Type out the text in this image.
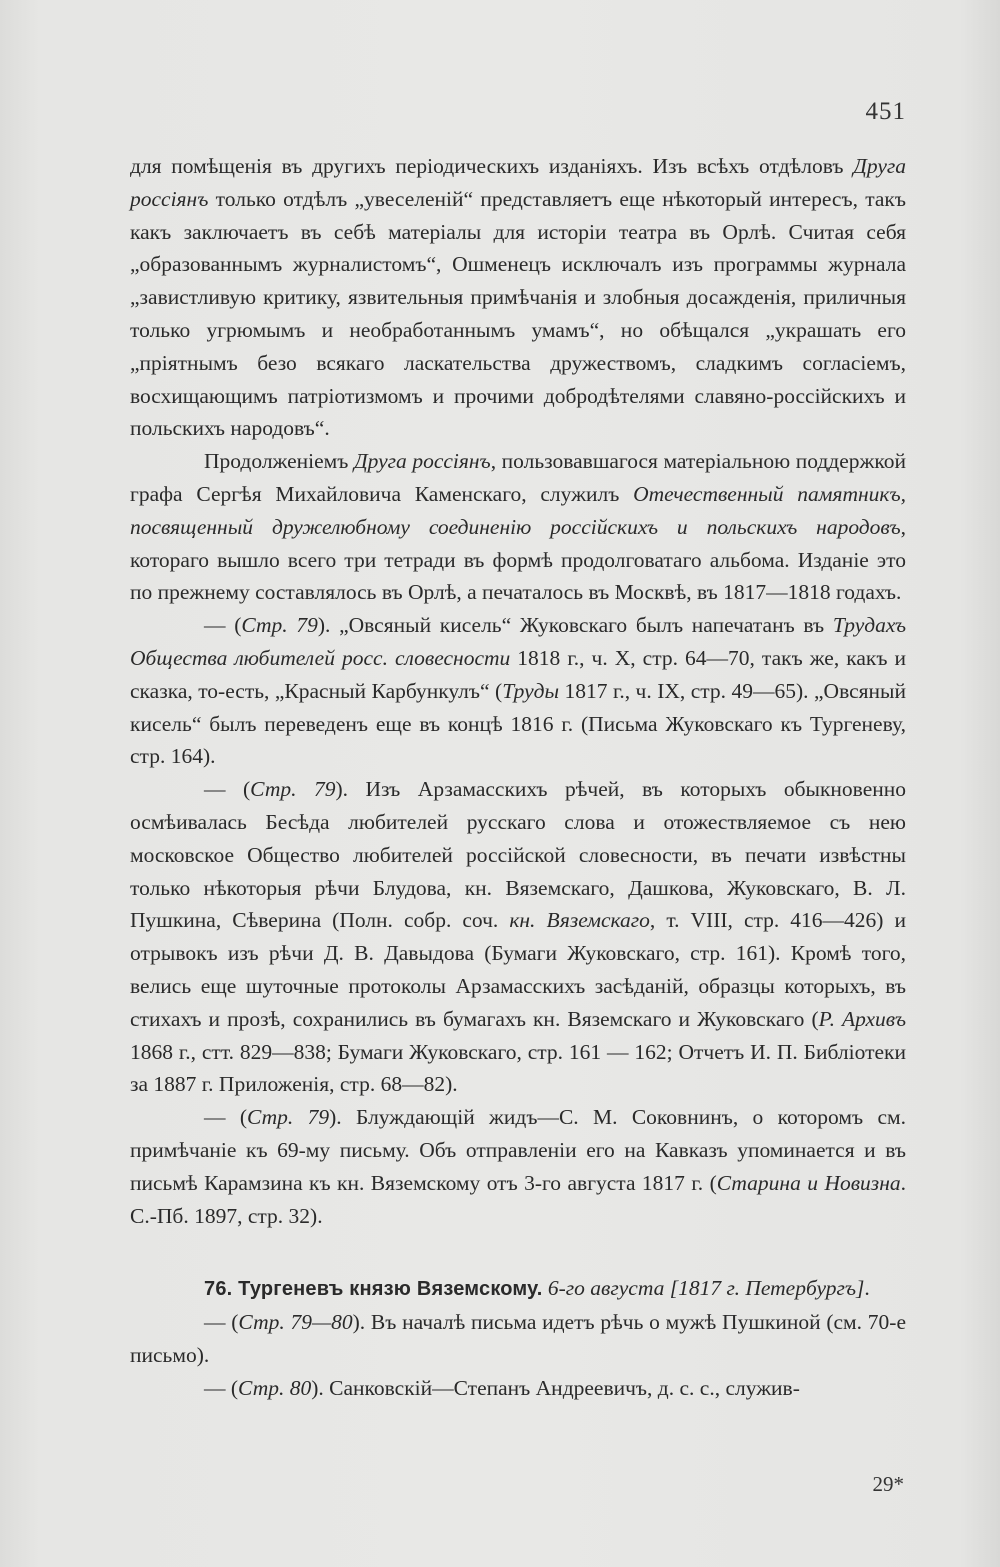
451

для помѣщенія въ другихъ періодическихъ изданіяхъ. Изъ всѣхъ отдѣловъ Друга россіянъ только отдѣлъ „увеселеній“ представляетъ еще нѣкоторый интересъ, такъ какъ заключаетъ въ себѣ матеріалы для исторіи театра въ Орлѣ. Считая себя „образованнымъ журналистомъ“, Ошменецъ исключалъ изъ программы журнала „завистливую критику, язвительныя примѣчанія и злобныя досажденія, приличныя только угрюмымъ и необработаннымъ умамъ“, но обѣщался „украшать его „пріятнымъ безо всякаго ласкательства дружествомъ, сладкимъ согласіемъ, восхищающимъ патріотизмомъ и прочими добродѣтелями славяно-россійскихъ и польскихъ народовъ“.

Продолженіемъ Друга россіянъ, пользовавшагося матеріальною поддержкой графа Сергѣя Михайловича Каменскаго, служилъ Отечественный памятникъ, посвященный дружелюбному соединенію россійскихъ и польскихъ народовъ, котораго вышло всего три тетради въ формѣ продолговатаго альбома. Изданіе это по прежнему составлялось въ Орлѣ, а печаталось въ Москвѣ, въ 1817—1818 годахъ.

— (Стр. 79). „Овсяный кисель“ Жуковскаго былъ напечатанъ въ Трудахъ Общества любителей росс. словесности 1818 г., ч. X, стр. 64—70, такъ же, какъ и сказка, то-есть, „Красный Карбункулъ“ (Труды 1817 г., ч. IX, стр. 49—65). „Овсяный кисель“ былъ переведенъ еще въ концѣ 1816 г. (Письма Жуковскаго къ Тургеневу, стр. 164).

— (Стр. 79). Изъ Арзамасскихъ рѣчей, въ которыхъ обыкновенно осмѣивалась Бесѣда любителей русскаго слова и отожествляемое съ нею московское Общество любителей россійской словесности, въ печати извѣстны только нѣкоторыя рѣчи Блудова, кн. Вяземскаго, Дашкова, Жуковскаго, В. Л. Пушкина, Сѣверина (Полн. собр. соч. кн. Вяземскаго, т. VIII, стр. 416—426) и отрывокъ изъ рѣчи Д. В. Давыдова (Бумаги Жуковскаго, стр. 161). Кромѣ того, велись еще шуточные протоколы Арзамасскихъ засѣданій, образцы которыхъ, въ стихахъ и прозѣ, сохранились въ бумагахъ кн. Вяземскаго и Жуковскаго (Р. Архивъ 1868 г., стт. 829—838; Бумаги Жуковскаго, стр. 161 — 162; Отчетъ И. П. Библіотеки за 1887 г. Приложенія, стр. 68—82).

— (Стр. 79). Блуждающій жидъ—С. М. Соковнинъ, о которомъ см. примѣчаніе къ 69-му письму. Объ отправленіи его на Кавказъ упоминается и въ письмѣ Карамзина къ кн. Вяземскому отъ 3-го августа 1817 г. (Старина и Новизна. С.-Пб. 1897, стр. 32).

76. Тургеневъ князю Вяземскому. 6-го августа [1817 г. Петербургъ].

— (Стр. 79—80). Въ началѣ письма идетъ рѣчь о мужѣ Пушкиной (см. 70-е письмо).

— (Стр. 80). Санковскій—Степанъ Андреевичъ, д. с. с., служив-

29*
